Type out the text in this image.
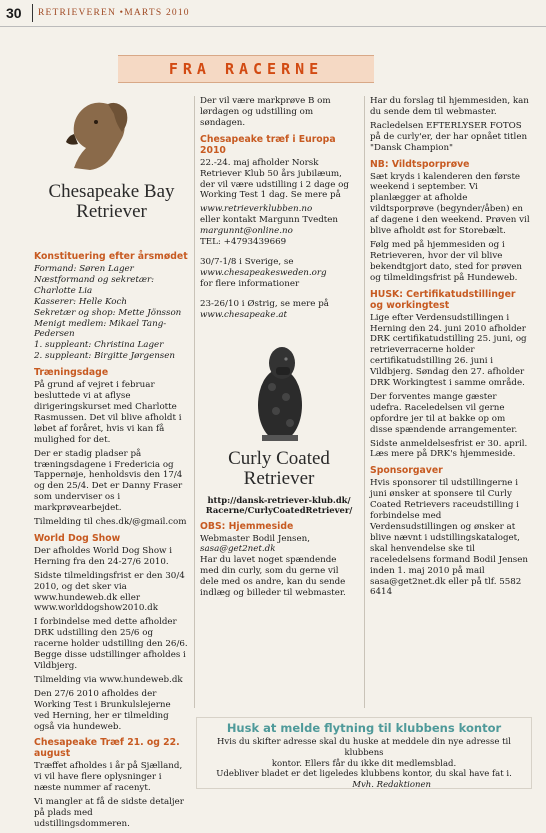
30	RETRIEVEREN •MARTS 2010
FRA RACERNE
Chesapeake Bay
Retriever
Konstituering efter årsmødet
Formand: Søren Lager
Næstformand og sekretær: Charlotte Lia
Kasserer: Helle Koch
Sekretær og shop: Mette Jönsson
Menigt medlem: Mikael Tang-Pedersen
1. suppleant: Christina Lager
2. suppleant: Birgitte Jørgensen
Træningsdage

På grund af vejret i februar besluttede vi at aflyse dirigeringskurset med Charlotte Rasmussen. Det vil blive afholdt i løbet af foråret, hvis vi kan få mulighed for det.

Der er stadig pladser på træningsdagene i Fredericia og Tappernøje, henholdsvis den 17/4 og den 25/4. Det er Danny Fraser som underviser os i markprøvearbejdet.

Tilmelding til ches.dk/@gmail.com

World Dog Show

Der afholdes World Dog Show i Herning fra den 24-27/6 2010.

Sidste tilmeldingsfrist er den 30/4 2010, og det sker via www.hundeweb.dk eller www.worlddogshow2010.dk

I forbindelse med dette afholder DRK udstilling den 25/6 og racerne holder udstilling den 26/6. Begge disse udstillinger afholdes i Vildbjerg.

Tilmelding via www.hundeweb.dk

Den 27/6 2010 afholdes der Working Test i Brunkulslejerne ved Herning, her er tilmelding også via hundeweb.

Chesapeake Træf 21. og 22. august

Træffet afholdes i år på Sjælland, vi vil have flere oplysninger i næste nummer af racenyt.

Vi mangler at få de sidste detaljer på plads med udstillingsdommeren.

Der vil være markprøve B om lørdagen og udstilling om søndagen.

Chesapeake træf i Europa 2010

22.-24. maj afholder Norsk Retriever Klub 50 års jubilæum, der vil være udstilling i 2 dage og Working Test 1 dag. Se mere på

www.retrieverklubben.no
eller kontakt Margunn Tvedten
margunnt@online.no
TEL: +4793439669
30/7-1/8 i Sverige, se
www.chesapeakesweden.org
for flere informationer
23-26/10 i Østrig, se mere på
www.chesapeake.at
Curly Coated
Retriever
http://dansk-retriever-klub.dk/
Racerne/CurlyCoatedRetriever/
OBS: Hjemmeside
Webmaster Bodil Jensen,
sasa@get2net.dk

Har du lavet noget spændende med din curly, som du gerne vil dele med os andre, kan du sende indlæg og billeder til webmaster.

Har du forslag til hjemmesiden, kan du sende dem til webmaster.

Racledelsen EFTERLYSER FOTOS på de curly'er, der har opnået titlen "Dansk Champion"

NB: Vildtsporprøve

Sæt kryds i kalenderen den første weekend i september. Vi planlægger at afholde vildtsporprøve (begynder/åben) en af dagene i den weekend. Prøven vil blive afholdt øst for Storebælt.

Følg med på hjemmesiden og i Retrieveren, hvor der vil blive bekendtgjort dato, sted for prøven og tilmeldingsfrist på Hundeweb.

HUSK: Certifikatudstillinger og workingtest

Lige efter Verdensudstillingen i Herning den 24. juni 2010 afholder DRK certifikatudstilling 25. juni, og retrieverracerne holder certifikatudstilling 26. juni i Vildbjerg. Søndag den 27. afholder DRK Workingtest i samme område.

Der forventes mange gæster udefra. Raceledelsen vil gerne opfordre jer til at bakke op om disse spændende arrangementer.

Sidste anmeldelsesfrist er 30. april.

Læs mere på DRK's hjemmeside.

Sponsorgaver

Hvis sponsorer til udstillingerne i juni ønsker at sponsere til Curly Coated Retrievers raceudstilling i forbindelse med Verdensudstillingen og ønsker at blive nævnt i udstillingskataloget, skal henvendelse ske til raceledelsens formand Bodil Jensen inden 1. maj 2010 på mail sasa@get2net.dk eller på tlf. 5582 6414

Husk at melde flytning til klubbens kontor
Hvis du skifter adresse skal du huske at meddele din nye adresse til klubbens
kontor. Ellers får du ikke dit medlemsblad.
Udebliver bladet er det ligeledes klubbens kontor, du skal have fat i.
Mvh. Redaktionen
